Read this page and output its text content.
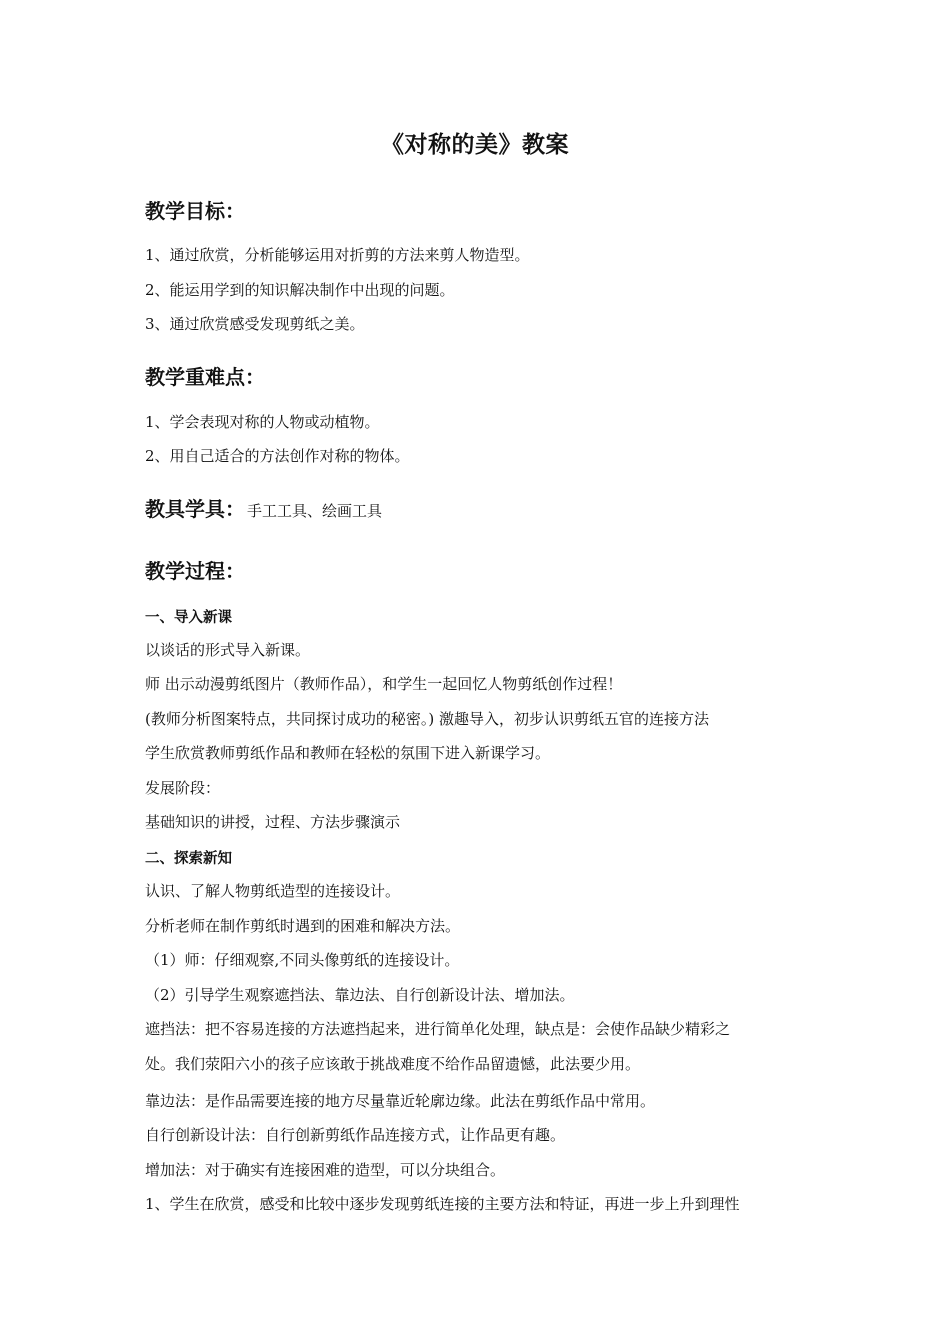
《对称的美》教案
教学目标：
1、通过欣赏，分析能够运用对折剪的方法来剪人物造型。
2、能运用学到的知识解决制作中出现的问题。
3、通过欣赏感受发现剪纸之美。
教学重难点：
1、学会表现对称的人物或动植物。
2、用自己适合的方法创作对称的物体。
教具学具： 手工工具、绘画工具
教学过程：
一、导入新课
以谈话的形式导入新课。
师 出示动漫剪纸图片（教师作品），和学生一起回忆人物剪纸创作过程！
(教师分析图案特点，共同探讨成功的秘密。) 激趣导入，初步认识剪纸五官的连接方法
学生欣赏教师剪纸作品和教师在轻松的氛围下进入新课学习。
发展阶段：
基础知识的讲授，过程、方法步骤演示
二、探索新知
认识、了解人物剪纸造型的连接设计。
分析老师在制作剪纸时遇到的困难和解决方法。
（1）师：仔细观察,不同头像剪纸的连接设计。
（2）引导学生观察遮挡法、靠边法、自行创新设计法、增加法。
遮挡法：把不容易连接的方法遮挡起来，进行简单化处理，缺点是：会使作品缺少精彩之
处。我们荥阳六小的孩子应该敢于挑战难度不给作品留遗憾，此法要少用。
靠边法：是作品需要连接的地方尽量靠近轮廓边缘。此法在剪纸作品中常用。
自行创新设计法：自行创新剪纸作品连接方式，让作品更有趣。
增加法：对于确实有连接困难的造型，可以分块组合。
1、学生在欣赏，感受和比较中逐步发现剪纸连接的主要方法和特证，再进一步上升到理性
